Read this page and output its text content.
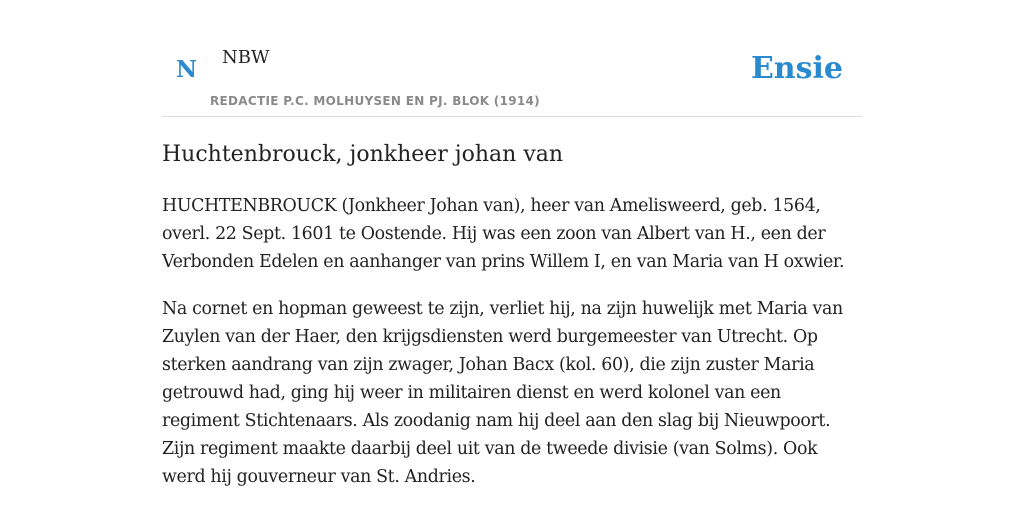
N NBW
REDACTIE P.C. MOLHUYSEN EN PJ. BLOK (1914)
Ensie
Huchtenbrouck, jonkheer johan van

HUCHTENBROUCK (Jonkheer Johan van), heer van Amelisweerd, geb. 1564, overl. 22 Sept. 1601 te Oostende. Hij was een zoon van Albert van H., een der Verbonden Edelen en aanhanger van prins Willem I, en van Maria van H oxwier.

Na cornet en hopman geweest te zijn, verliet hij, na zijn huwelijk met Maria van Zuylen van der Haer, den krijgsdiensten werd burgemeester van Utrecht. Op sterken aandrang van zijn zwager, Johan Bacx (kol. 60), die zijn zuster Maria getrouwd had, ging hij weer in militairen dienst en werd kolonel van een regiment Stichtenaars. Als zoodanig nam hij deel aan den slag bij Nieuwpoort. Zijn regiment maakte daarbij deel uit van de tweede divisie (van Solms). Ook werd hij gouverneur van St. Andries.
